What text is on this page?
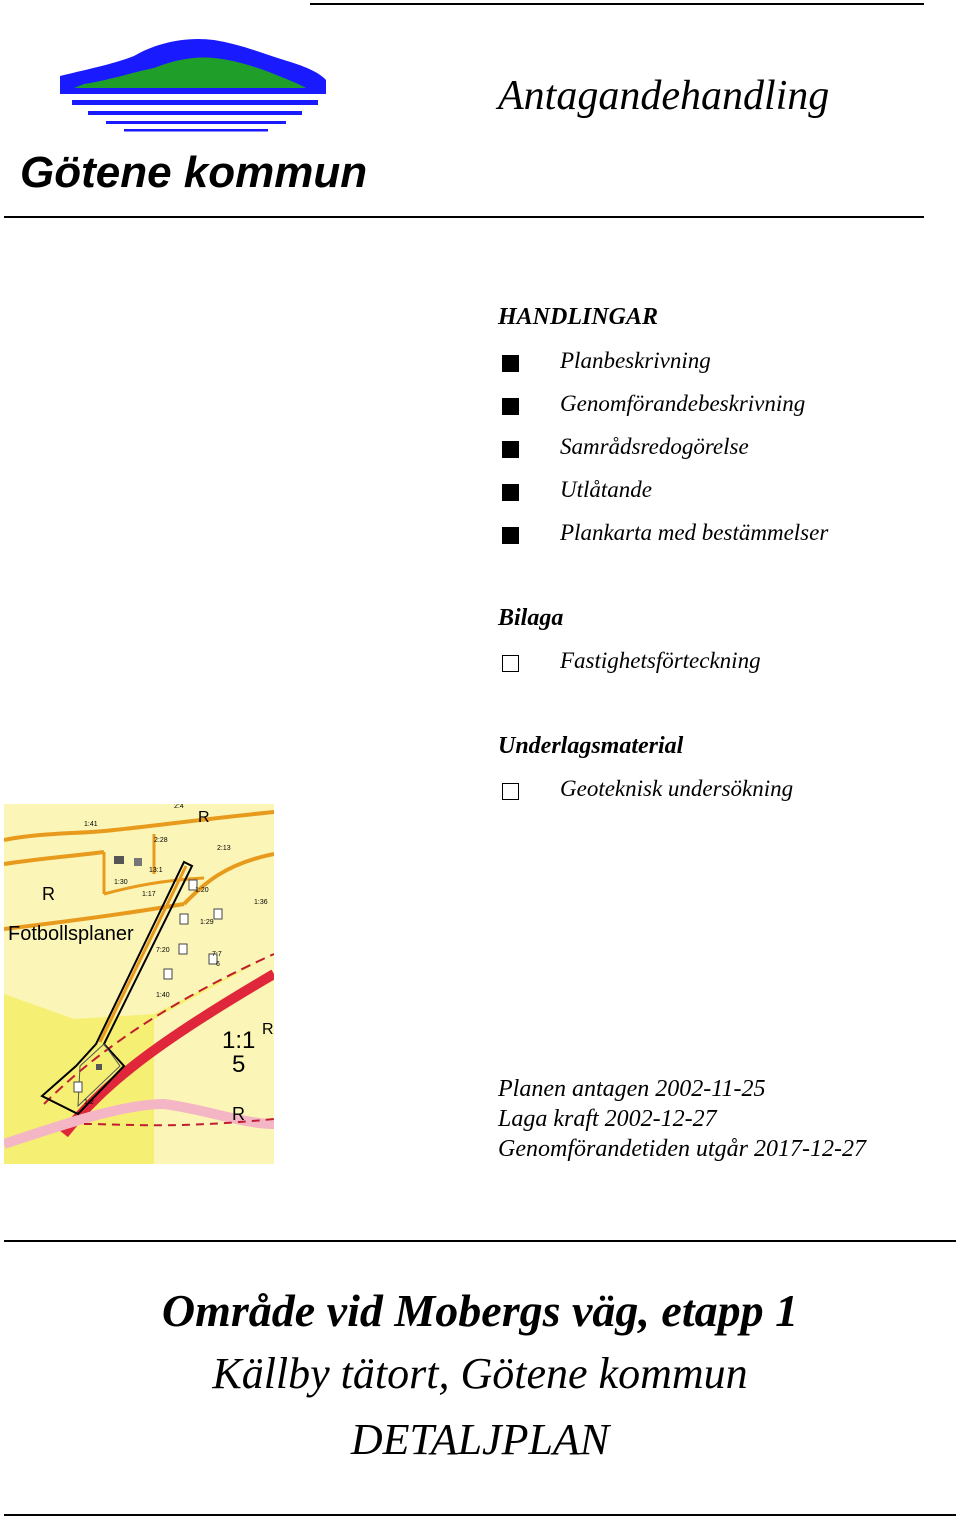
Götene kommun
Antagandehandling
HANDLINGAR
Planbeskrivning
Genomförandebeskrivning
Samrådsredogörelse
Utlåtande
Plankarta med bestämmelser
Bilaga
Fastighetsförteckning
Underlagsmaterial
Geoteknisk undersökning
1:41
2:28
2:13
13:1
1:30
1:17
1:20
1:36
1:29
7:20
7:7
6
1:40
1:2
1:1
5
2:4
Fotbollsplaner
R
R
R
R
Planen antagen 2002-11-25
Laga kraft 2002-12-27
Genomförandetiden utgår 2017-12-27
Område vid Mobergs väg, etapp 1
Källby tätort, Götene kommun
DETALJPLAN
